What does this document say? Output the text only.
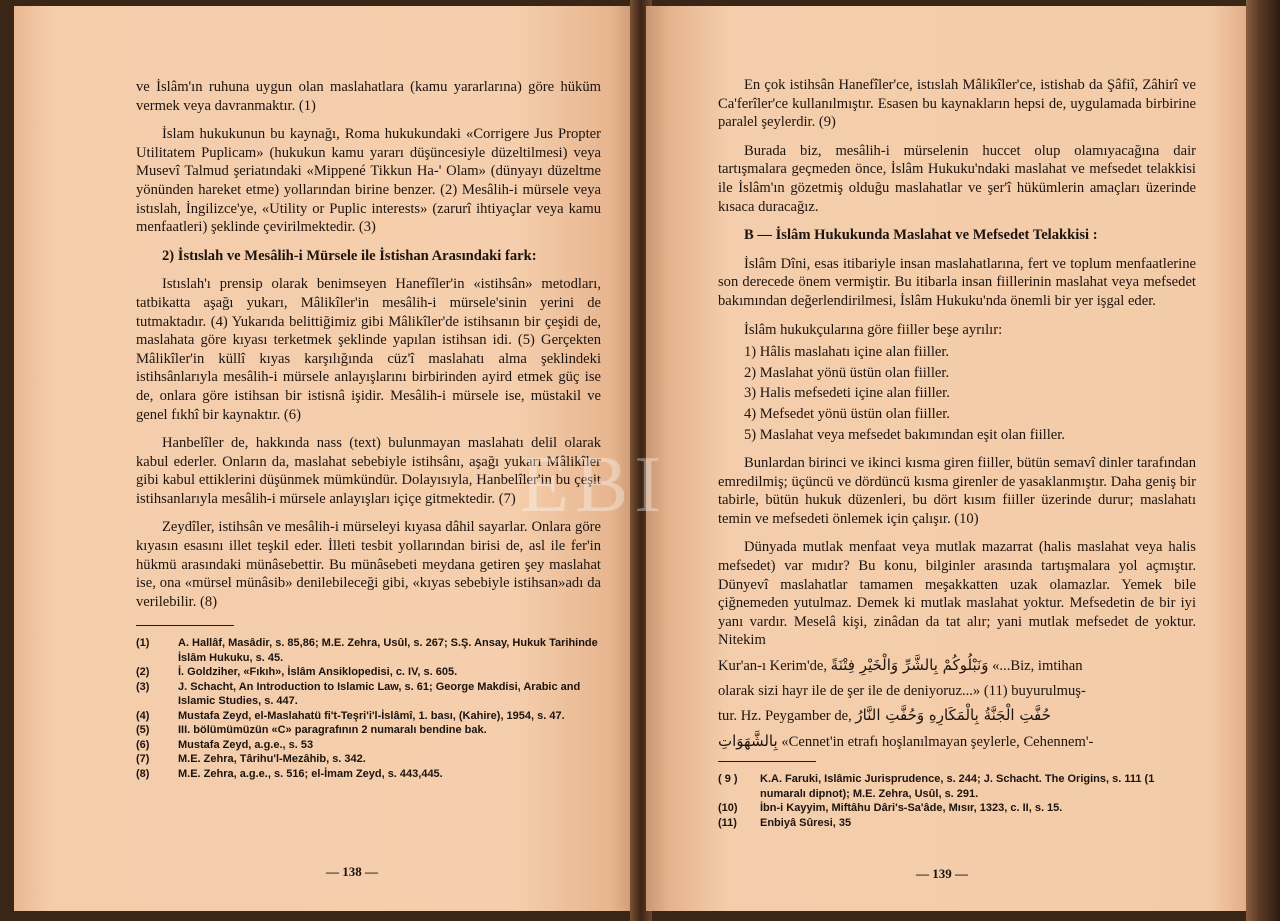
ve İslâm'ın ruhuna uygun olan maslahatlara (kamu yararlarına) göre hüküm vermek veya davranmaktır. (1)

İslam hukukunun bu kaynağı, Roma hukukundaki «Corrigere Jus Propter Utilitatem Puplicam» (hukukun kamu yararı düşüncesiyle düzeltilmesi) veya Musevî Talmud şeriatındaki «Mippené Tikkun Ha-' Olam» (dünyayı düzeltme yönünden hareket etme) yollarından birine benzer. (2) Mesâlih-i mürsele veya istıslah, İngilizce'ye, «Utility or Puplic interests» (zarurî ihtiyaçlar veya kamu menfaatleri) şeklinde çevirilmektedir. (3)

2) İstıslah ve Mesâlih-i Mürsele ile İstishan Arasındaki fark:

Istıslah'ı prensip olarak benimseyen Hanefîler'in «istihsân» metodları, tatbikatta aşağı yukarı, Mâlikîler'in mesâlih-i mürsele'sinin yerini de tutmaktadır. (4) Yukarıda belittiğimiz gibi Mâlikîler'de istihsanın bir çeşidi de, maslahata göre kıyası terketmek şeklinde yapılan istihsan idi. (5) Gerçekten Mâlikîler'in küllî kıyas karşılığında cüz'î maslahatı alma şeklindeki istihsânlarıyla mesâlih-i mürsele anlayışlarını birbirinden ayird etmek güç ise de, onlara göre istihsan bir istisnâ işidir. Mesâlih-i mürsele ise, müstakil ve genel fıkhî bir kaynaktır. (6)

Hanbelîler de, hakkında nass (text) bulunmayan maslahatı delil olarak kabul ederler. Onların da, maslahat sebebiyle istihsânı, aşağı yukarı Mâlikîler gibi kabul ettiklerini düşünmek mümkündür. Dolayısıyla, Hanbelîler'in bu çeşit istihsanlarıyla mesâlih-i mürsele anlayışları içiçe gitmektedir. (7)

Zeydîler, istihsân ve mesâlih-i mürseleyi kıyasa dâhil sayarlar. Onlara göre kıyasın esasını illet teşkil eder. İlleti tesbit yollarından birisi de, asl ile fer'in hükmü arasındaki münâsebettir. Bu münâsebeti meydana getiren şey maslahat ise, ona «mürsel münâsib» denilebileceği gibi, «kıyas sebebiyle istihsan»adı da verilebilir. (8)

(1)	A. Hallâf, Masâdir, s. 85,86; M.E. Zehra, Usûl, s. 267; S.Ş. Ansay, Hukuk Tarihinde İslâm Hukuku, s. 45.
(2)	İ. Goldziher, «Fıkıh», İslâm Ansiklopedisi, c. IV, s. 605.
(3)	J. Schacht, An Introduction to Islamic Law, s. 61; George Makdisi, Arabic and Islamic Studies, s. 447.
(4)	Mustafa Zeyd, el-Maslahatü fi't-Teşri'i'l-İslâmî, 1. bası, (Kahire), 1954, s. 47.
(5)	III. bölümümüzün «C» paragrafının 2 numaralı bendine bak.
(6)	Mustafa Zeyd, a.g.e., s. 53
(7)	M.E. Zehra, Târihu'l-Mezâhib, s. 342.
(8)	M.E. Zehra, a.g.e., s. 516; el-İmam Zeyd, s. 443,445.
— 138 —

En çok istihsân Hanefîler'ce, istıslah Mâlikîler'ce, istishab da Şâfiî, Zâhirî ve Ca'ferîler'ce kullanılmıştır. Esasen bu kaynakların hepsi de, uygulamada birbirine paralel şeylerdir. (9)

Burada biz, mesâlih-i mürselenin huccet olup olamıyacağına dair tartışmalara geçmeden önce, İslâm Hukuku'ndaki maslahat ve mefsedet telakkisi ile İslâm'ın gözetmiş olduğu maslahatlar ve şer'î hükümlerin amaçları üzerinde kısaca duracağız.

B — İslâm Hukukunda Maslahat ve Mefsedet Telakkisi :

İslâm Dîni, esas itibariyle insan maslahatlarına, fert ve toplum menfaatlerine son derecede önem vermiştir. Bu itibarla insan fiillerinin maslahat veya mefsedet bakımından değerlendirilmesi, İslâm Hukuku'nda önemli bir yer işgal eder.

İslâm hukukçularına göre fiiller beşe ayrılır:

1) Hâlis maslahatı içine alan fiiller.
2) Maslahat yönü üstün olan fiiller.
3) Halis mefsedeti içine alan fiiller.
4) Mefsedet yönü üstün olan fiiller.
5) Maslahat veya mefsedet bakımından eşit olan fiiller.

Bunlardan birinci ve ikinci kısma giren fiiller, bütün semavî dinler tarafından emredilmiş; üçüncü ve dördüncü kısma girenler de yasaklanmıştır. Daha geniş bir tabirle, bütün hukuk düzenleri, bu dört kısım fiiller üzerinde durur; maslahatı temin ve mefsedeti önlemek için çalışır. (10)

Dünyada mutlak menfaat veya mutlak mazarrat (halis maslahat veya halis mefsedet) var mıdır? Bu konu, bilginler arasında tartışmalara yol açmıştır. Dünyevî maslahatlar tamamen meşakkatten uzak olamazlar. Yemek bile çiğnemeden yutulmaz. Demek ki mutlak maslahat yoktur. Mefsedetin de bir iyi yanı vardır. Meselâ kişi, zinâdan da tat alır; yani mutlak mefsedet de yoktur. Nitekim

Kur'an-ı Kerim'de, وَنَبْلُوكُمْ بِالشَّرِّ وَالْخَيْرِ فِتْنَةً «...Biz, imtihan

olarak sizi hayr ile de şer ile de deniyoruz...» (11) buyurulmuş-

tur. Hz. Peygamber de, حُفَّتِ الْجَنَّةُ بِالْمَكَارِهِ وَحُفَّتِ النَّارُ

بِالشَّهَوَاتِ «Cennet'in etrafı hoşlanılmayan şeylerle, Cehennem'-

( 9 )	K.A. Faruki, Islâmic Jurisprudence, s. 244; J. Schacht. The Origins, s. 111 (1 numaralı dipnot); M.E. Zehra, Usûl, s. 291.
(10)	İbn-i Kayyim, Miftâhu Dâri's-Sa'âde, Mısır, 1323, c. II, s. 15.
(11)	Enbiyâ Sûresi, 35
— 139 —
EBI
